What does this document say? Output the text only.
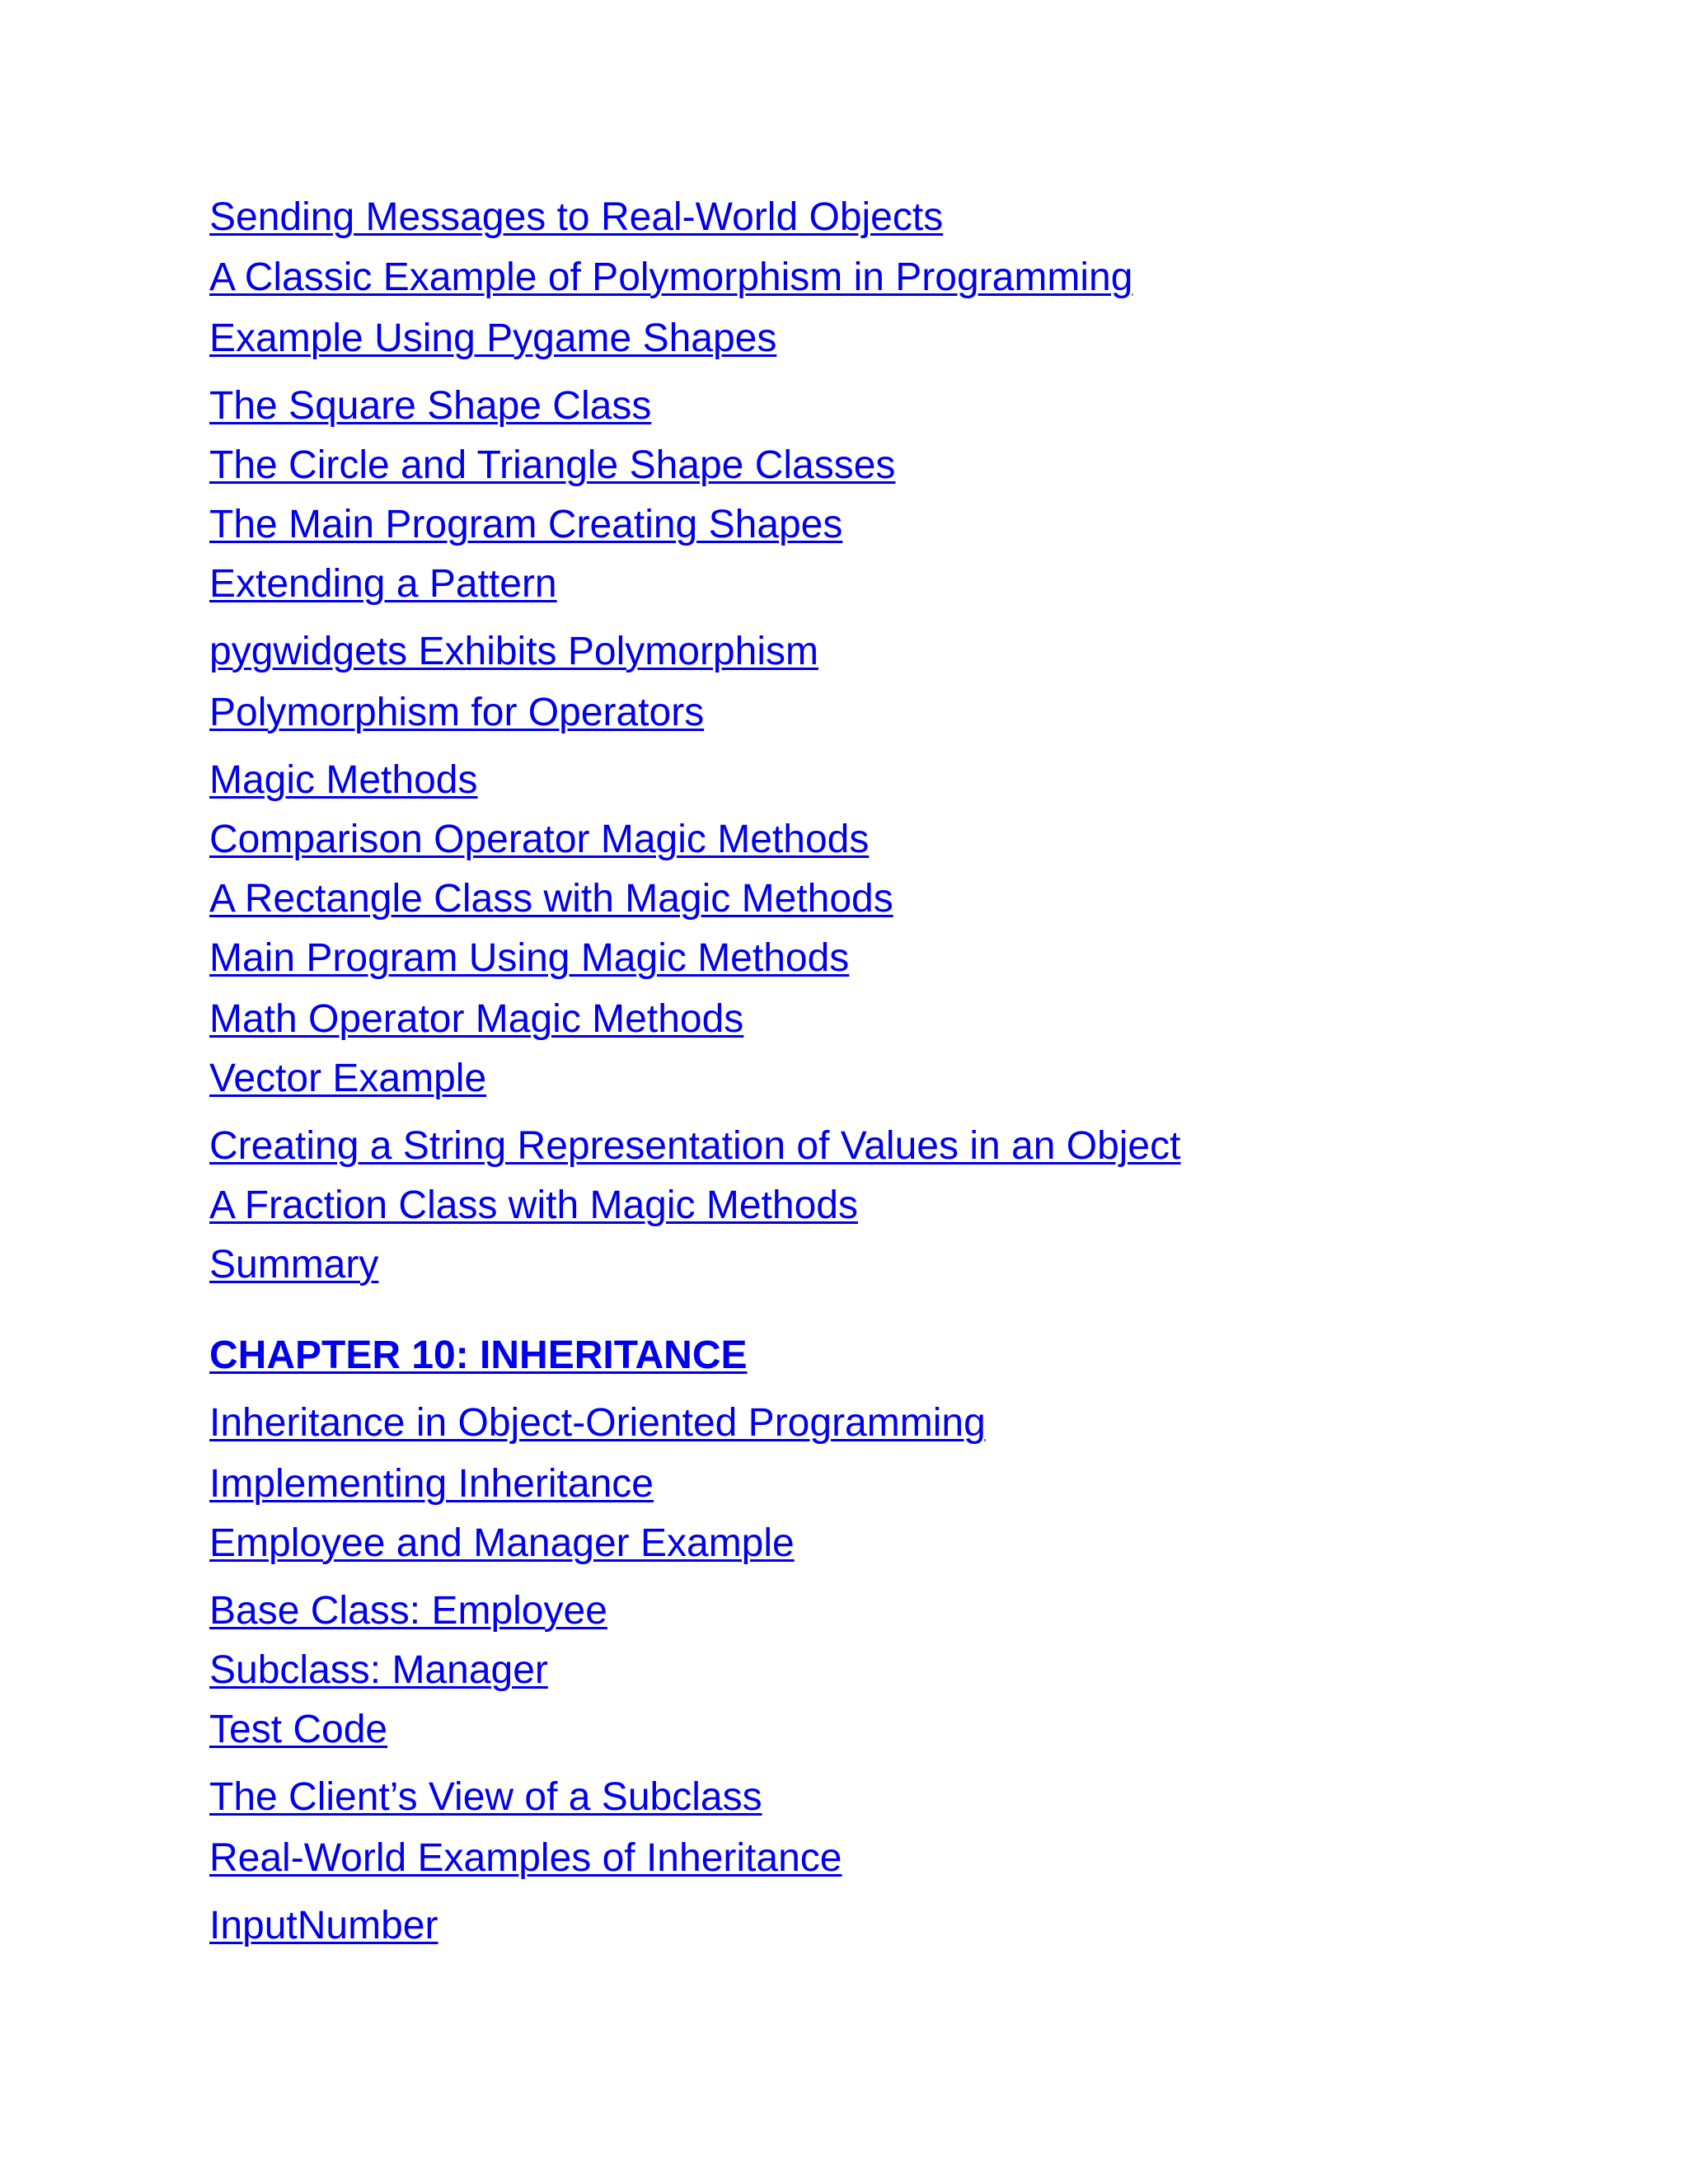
Sending Messages to Real-World Objects
A Classic Example of Polymorphism in Programming
Example Using Pygame Shapes
The Square Shape Class
The Circle and Triangle Shape Classes
The Main Program Creating Shapes
Extending a Pattern
pygwidgets Exhibits Polymorphism
Polymorphism for Operators
Magic Methods
Comparison Operator Magic Methods
A Rectangle Class with Magic Methods
Main Program Using Magic Methods
Math Operator Magic Methods
Vector Example
Creating a String Representation of Values in an Object
A Fraction Class with Magic Methods
Summary
CHAPTER 10: INHERITANCE
Inheritance in Object-Oriented Programming
Implementing Inheritance
Employee and Manager Example
Base Class: Employee
Subclass: Manager
Test Code
The Client’s View of a Subclass
Real-World Examples of Inheritance
InputNumber
